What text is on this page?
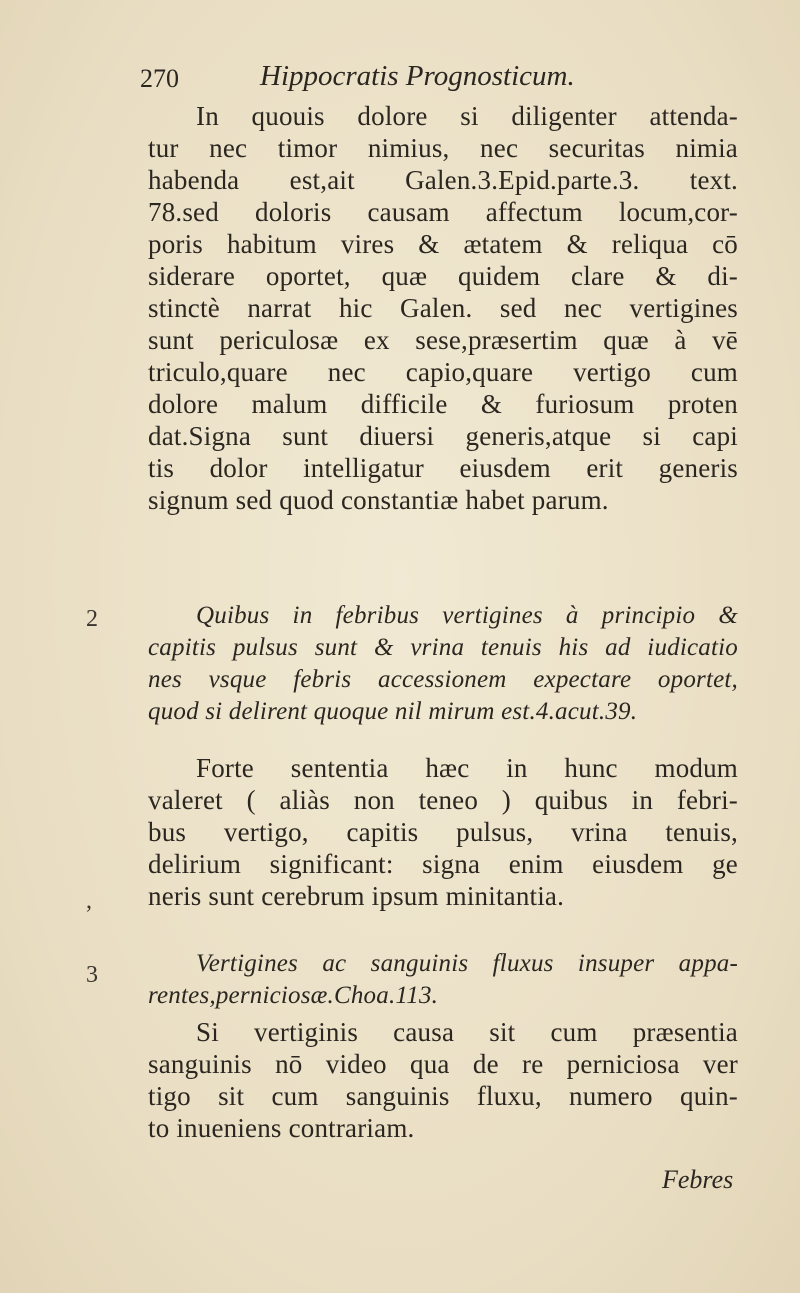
270	Hippocratis Prognosticum.
In quouis dolore si diligenter attenda-
tur nec timor nimius, nec securitas nimia
habenda est,ait Galen.3.Epid.parte.3. text.
78.sed doloris causam affectum locum,cor-
poris habitum vires & ætatem & reliqua cō
siderare oportet, quæ quidem clare & di-
stinctè narrat hic Galen. sed nec vertigines
sunt periculosæ ex sese,præsertim quæ à vē
triculo,quare nec capio,quare vertigo cum
dolore malum difficile & furiosum proten
dat.Signa sunt diuersi generis,atque si capi
tis dolor intelligatur eiusdem erit generis
signum sed quod constantiæ habet parum.
2	Quibus in febribus vertigines à principio &
capitis pulsus sunt & vrina tenuis his ad iudicatio
nes vsque febris accessionem expectare oportet,
quod si delirent quoque nil mirum est.4.acut.39.
Forte sententia hæc in hunc modum
valeret ( aliàs non teneo ) quibus in febri-
bus vertigo, capitis pulsus, vrina tenuis,
delirium significant: signa enim eiusdem ge
neris sunt cerebrum ipsum minitantia.
,
3	Vertigines ac sanguinis fluxus insuper appa-
rentes,perniciosæ.Choa.113.
Si vertiginis causa sit cum præsentia
sanguinis nō video qua de re perniciosa ver
tigo sit cum sanguinis fluxu, numero quin-
to inueniens contrariam.
Febres
